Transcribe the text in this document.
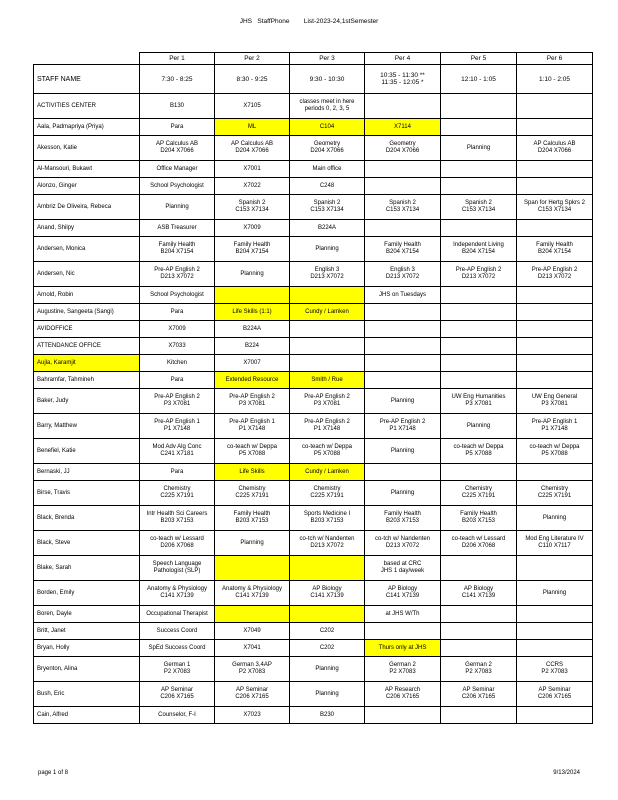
JHS   StaffPhone        List-2023-24,1stSemester
	Per 1	Per 2	Per 3	Per 4	Per 5	Per 6
STAFF NAME	7:30 - 8:25	8:30 - 9:25	9:30 - 10:30	10:35 - 11:30 **
11:35 - 12:05 *	12:10 - 1:05	1:10 - 2:05

ACTIVITIES CENTER	B130	X7105	classes meet in here
periods 0, 2, 3, 5			

Aala, Padmapriya (Priya)	Para	ML	C104	X7114		

Akesson, Katie	AP Calculus AB
D204 X7066	AP Calculus AB
D204 X7066	Geometry
D204 X7066	Geometry
D204 X7066	Planning	AP Calculus AB
D204 X7066

Al-Mansouri, Bukawt	Office Manager	X7001	Main office			

Alonzo, Ginger	School Psychologist	X7022	C248			

Ambriz De Oliveira, Rebeca	Planning	Spanish 2
C153 X7134	Spanish 2
C153 X7134	Spanish 2
C153 X7134	Spanish 2
C153 X7134	Span for Hertg Spkrs 2
C153 X7134

Anand, Shilpy	ASB Treasurer	X7009	B224A			

Andersen, Monica	Family Health
B204 X7154	Family Health
B204 X7154	Planning	Family Health
B204 X7154	Independent Living
B204 X7154	Family Health
B204 X7154

Andersen, Nic	Pre-AP English 2
D213 X7072	Planning	English 3
D213 X7072	English 3
D213 X7072	Pre-AP English 2
D213 X7072	Pre-AP English 2
D213 X7072

Arnold, Robin	School Psychologist			JHS on Tuesdays		

Augustine, Sangeeta (Sangi)	Para	Life Skills (1:1)	Cundy / Lamken			

AVIDOFFICE	X7009	B224A				

ATTENDANCE OFFICE	X7033	B224				

Aujla, Karamjit	Kitchen	X7007				

Bahramfar, Tahmineh	Para	Extended Resource	Smith / Rue			

Baker, Judy	Pre-AP English 2
P3 X7081	Pre-AP English 2
P3 X7081	Pre-AP English 2
P3 X7081	Planning	UW Eng Humanities
P3 X7081	UW Eng General
P3 X7081

Barry, Matthew	Pre-AP English 1
P1 X7148	Pre-AP English 1
P1 X7148	Pre-AP English 2
P1 X7148	Pre-AP English 2
P1 X7148	Planning	Pre-AP English 1
P1 X7148

Benefiel, Katie	Mod Adv Alg Conc
C241 X7181	co-teach w/ Deppa
P5 X7088	co-teach w/ Deppa
P5 X7088	Planning	co-teach w/ Deppa
P5 X7088	co-teach w/ Deppa
P5 X7088

Bernaski, JJ	Para	Life Skills	Cundy / Lamken			

Birse, Travis	Chemistry
C225 X7191	Chemistry
C225 X7191	Chemistry
C225 X7191	Planning	Chemistry
C225 X7191	Chemistry
C225 X7191

Black, Brenda	Intr Health Sci Careers
B203 X7153	Family Health
B203 X7153	Sports Medicine I
B203 X7153	Family Health
B203 X7153	Family Health
B203 X7153	Planning

Black, Steve	co-teach w/ Lessard
D206 X7068	Planning	co-tch w/ Nandenten
D213 X7072	co-tch w/ Nandenten
D213 X7072	co-teach w/ Lessard
D206 X7068	Mod Eng Literature IV
C110 X7117

Blake, Sarah	Speech Language
Pathologist (SLP)			based at CRC
JHS 1 day/week		

Borden, Emily	Anatomy & Physiology
C141 X7139	Anatomy & Physiology
C141 X7139	AP Biology
C141 X7139	AP Biology
C141 X7139	AP Biology
C141 X7139	Planning

Boren, Dayle	Occupational Therapist			at JHS W/Th		

Britt, Janet	Success Coord	X7049	C202			

Bryan, Holly	SpEd Success Coord	X7041	C202	Thurs only at JHS		

Bryenton, Alina	German 1
P2 X7083	German 3,4AP
P2 X7083	Planning	German 2
P2 X7083	German 2
P2 X7083	CCRS
P2 X7083

Bush, Eric	AP Seminar
C206 X7165	AP Seminar
C206 X7165	Planning	AP Research
C206 X7165	AP Seminar
C206 X7165	AP Seminar
C206 X7165

Cain, Alfred	Counselor, F-I	X7023	B230			

page 1 of 8	9/13/2024
